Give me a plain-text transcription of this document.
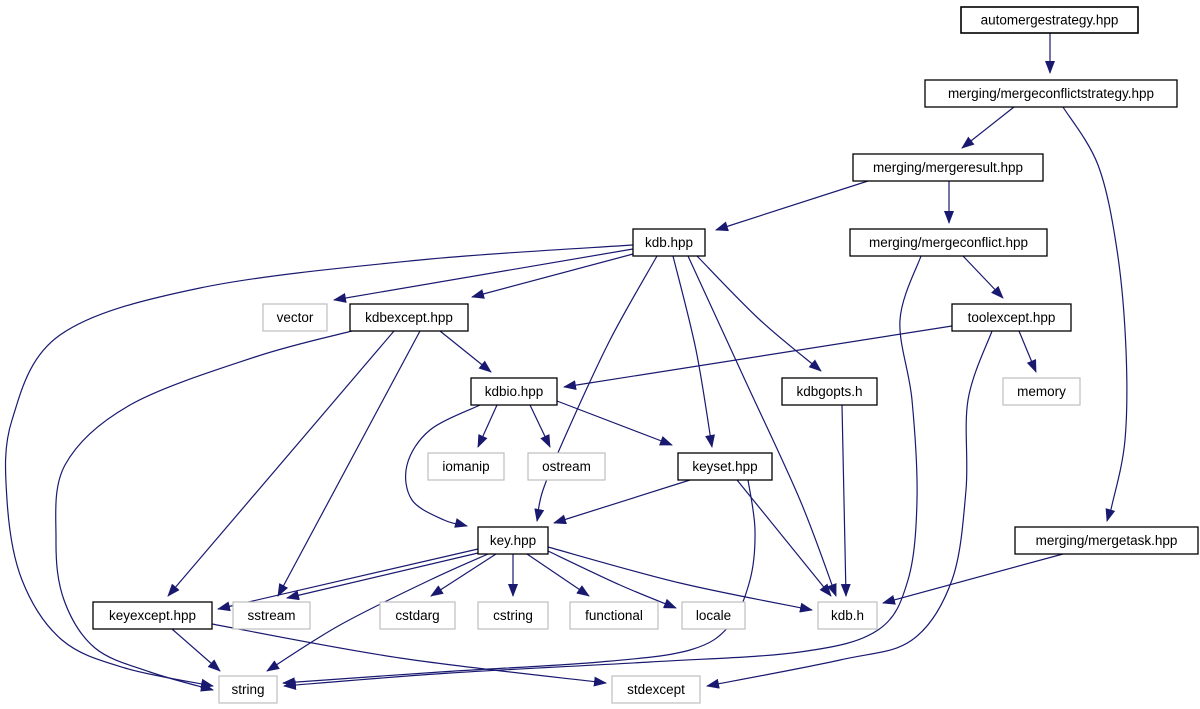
automergestrategy.hpp
merging/mergeconflictstrategy.hpp
merging/mergeresult.hpp
merging/mergeconflict.hpp
kdb.hpp
vector	kdbexcept.hpp	toolexcept.hpp
kdbio.hpp	kdbgopts.h	memory
iomanip	ostream	keyset.hpp
key.hpp	merging/mergetask.hpp
keyexcept.hpp	sstream	cstdarg	cstring	functional	locale	kdb.h
string	stdexcept
